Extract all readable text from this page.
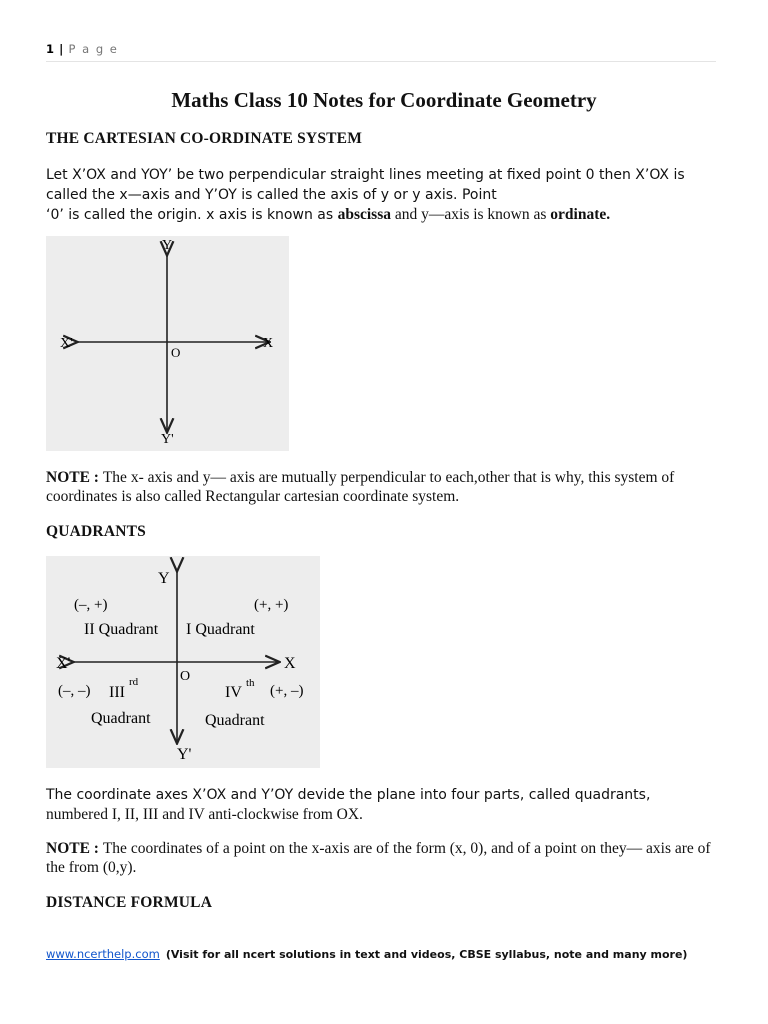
1 | P a g e
Maths Class 10 Notes for Coordinate Geometry
THE CARTESIAN CO-ORDINATE SYSTEM
Let X’OX and YOY’ be two perpendicular straight lines meeting at fixed point 0 then X’OX is
called the x—axis and Y’OY is called the axis of y or y axis. Point
‘0’ is called the origin. x axis is known as abscissa and y—axis is known as ordinate.
Y
X'
O
X
Y'
NOTE : The x- axis and y— axis are mutually perpendicular to each,other that is why, this system of coordinates is also called Rectangular cartesian coordinate system.
QUADRANTS
Y
X'
O
X
Y'
(–, +)	(+, +)
II Quadrant I Quadrant
(–, –) III
rd
IV
th (+, –)
Quadrant	Quadrant
The coordinate axes X’OX and Y’OY devide the plane into four parts, called quadrants,
numbered I, II, III and IV anti-clockwise from OX.
NOTE : The coordinates of a point on the x-axis are of the form (x, 0), and of a point on they— axis are of the from (0,y).
DISTANCE FORMULA
www.ncerthelp.com (Visit for all ncert solutions in text and videos, CBSE syllabus, note and many more)
